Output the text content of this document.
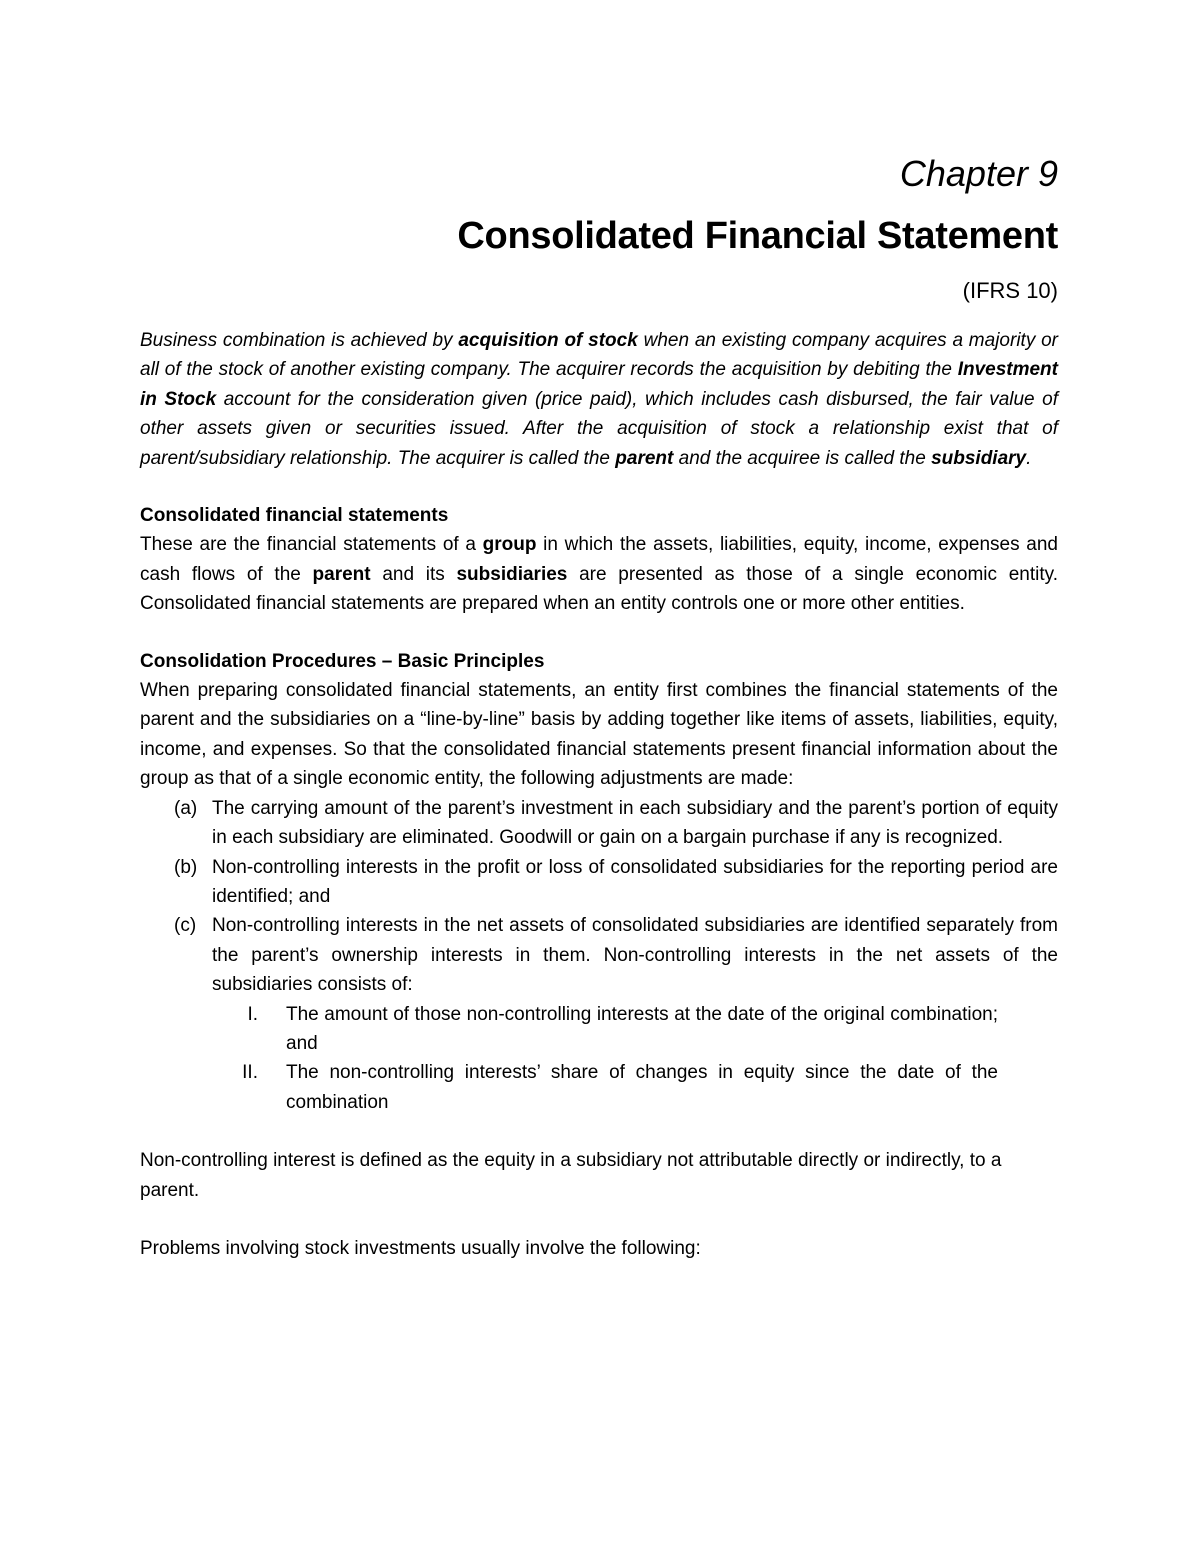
Chapter 9
Consolidated Financial Statement
(IFRS 10)

Business combination is achieved by acquisition of stock when an existing company acquires a majority or all of the stock of another existing company. The acquirer records the acquisition by debiting the Investment in Stock account for the consideration given (price paid), which includes cash disbursed, the fair value of other assets given or securities issued. After the acquisition of stock a relationship exist that of parent/subsidiary relationship. The acquirer is called the parent and the acquiree is called the subsidiary.

Consolidated financial statements

These are the financial statements of a group in which the assets, liabilities, equity, income, expenses and cash flows of the parent and its subsidiaries are presented as those of a single economic entity. Consolidated financial statements are prepared when an entity controls one or more other entities.

Consolidation Procedures – Basic Principles

When preparing consolidated financial statements, an entity first combines the financial statements of the parent and the subsidiaries on a “line-by-line” basis by adding together like items of assets, liabilities, equity, income, and expenses. So that the consolidated financial statements present financial information about the group as that of a single economic entity, the following adjustments are made:

(a) The carrying amount of the parent’s investment in each subsidiary and the parent’s portion of equity in each subsidiary are eliminated. Goodwill or gain on a bargain purchase if any is recognized.
(b) Non-controlling interests in the profit or loss of consolidated subsidiaries for the reporting period are identified; and
(c) Non-controlling interests in the net assets of consolidated subsidiaries are identified separately from the parent’s ownership interests in them. Non-controlling interests in the net assets of the subsidiaries consists of:
I. The amount of those non-controlling interests at the date of the original combination; and
II. The non-controlling interests’ share of changes in equity since the date of the combination

Non-controlling interest is defined as the equity in a subsidiary not attributable directly or indirectly, to a parent.

Problems involving stock investments usually involve the following:
